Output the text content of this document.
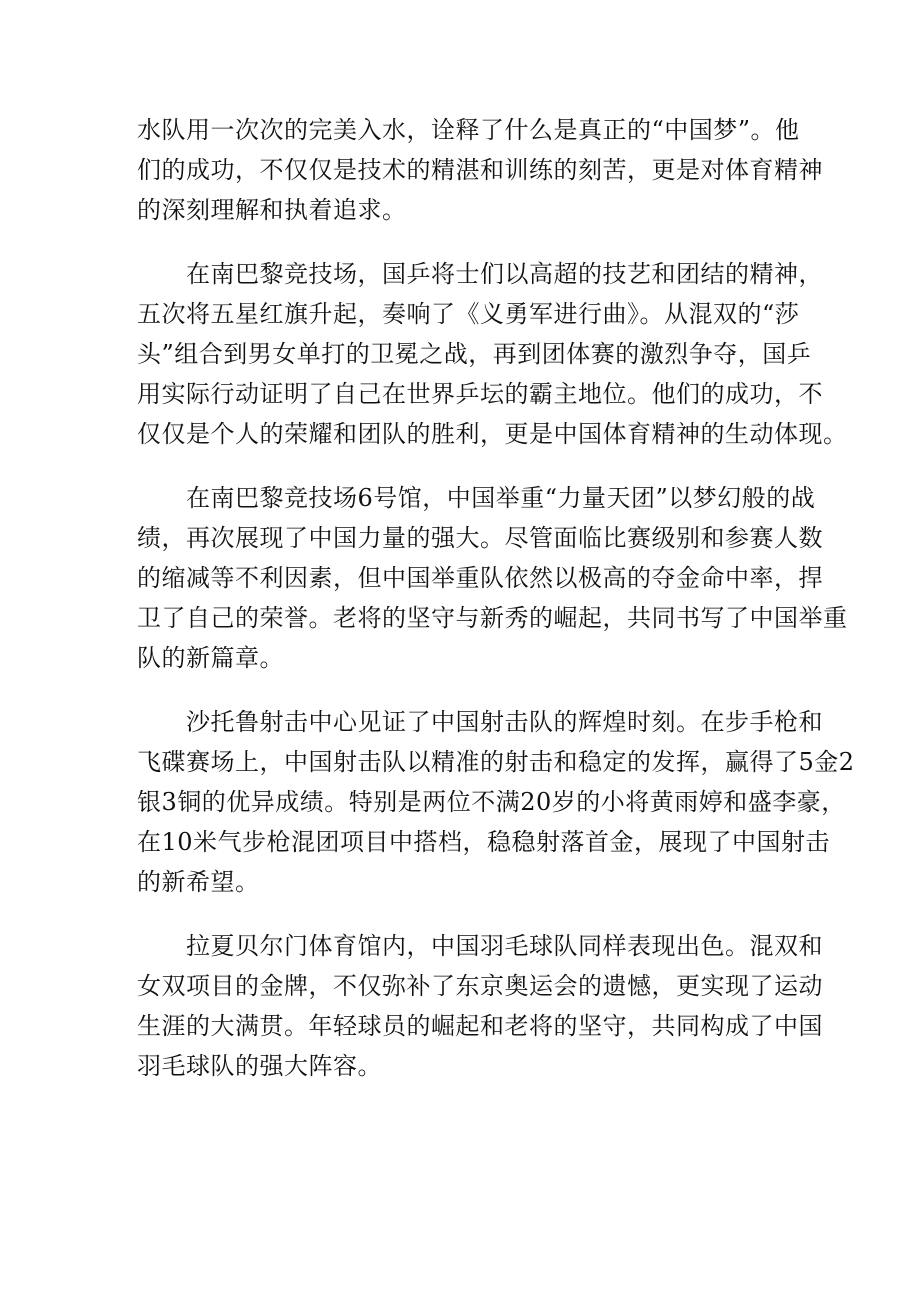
水队用一次次的完美入水，诠释了什么是真正的“中国梦”。他
们的成功，不仅仅是技术的精湛和训练的刻苦，更是对体育精神
的深刻理解和执着追求。
　　在南巴黎竞技场，国乒将士们以高超的技艺和团结的精神，
五次将五星红旗升起，奏响了《义勇军进行曲》。从混双的“莎
头”组合到男女单打的卫冕之战，再到团体赛的激烈争夺，国乒
用实际行动证明了自己在世界乒坛的霸主地位。他们的成功，不
仅仅是个人的荣耀和团队的胜利，更是中国体育精神的生动体现。
　　在南巴黎竞技场6号馆，中国举重“力量天团”以梦幻般的战
绩，再次展现了中国力量的强大。尽管面临比赛级别和参赛人数
的缩减等不利因素，但中国举重队依然以极高的夺金命中率，捍
卫了自己的荣誉。老将的坚守与新秀的崛起，共同书写了中国举重
队的新篇章。
　　沙托鲁射击中心见证了中国射击队的辉煌时刻。在步手枪和
飞碟赛场上，中国射击队以精准的射击和稳定的发挥，赢得了5金2
银3铜的优异成绩。特别是两位不满20岁的小将黄雨婷和盛李豪，
在10米气步枪混团项目中搭档，稳稳射落首金，展现了中国射击
的新希望。
　　拉夏贝尔门体育馆内，中国羽毛球队同样表现出色。混双和
女双项目的金牌，不仅弥补了东京奥运会的遗憾，更实现了运动
生涯的大满贯。年轻球员的崛起和老将的坚守，共同构成了中国
羽毛球队的强大阵容。
